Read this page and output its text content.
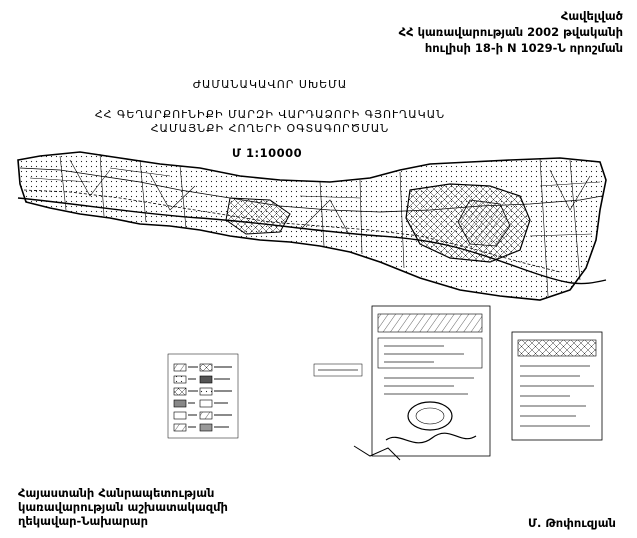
Հավելված
ՀՀ կառավարության 2002 թվականի
հուլիսի 18-ի N 1029-Ն որոշման
ԺԱՄԱՆԱԿԱՎՈՐ ՍԽԵՄԱ
ՀՀ ԳԵՂԱՐՔՈՒՆԻՔԻ ՄԱՐԶԻ ՎԱՐԴԱՁՈՐԻ ԳՅՈՒՂԱԿԱՆ
ՀԱՄԱՅՆՔԻ ՀՈՂԵՐԻ ՕԳՏԱԳՈՐԾՄԱՆ
Մ 1:10000
Հայաստանի Հանրապետության
կառավարության աշխատակազմի
ղեկավար-Նախարար	Մ. Թոփուզյան
